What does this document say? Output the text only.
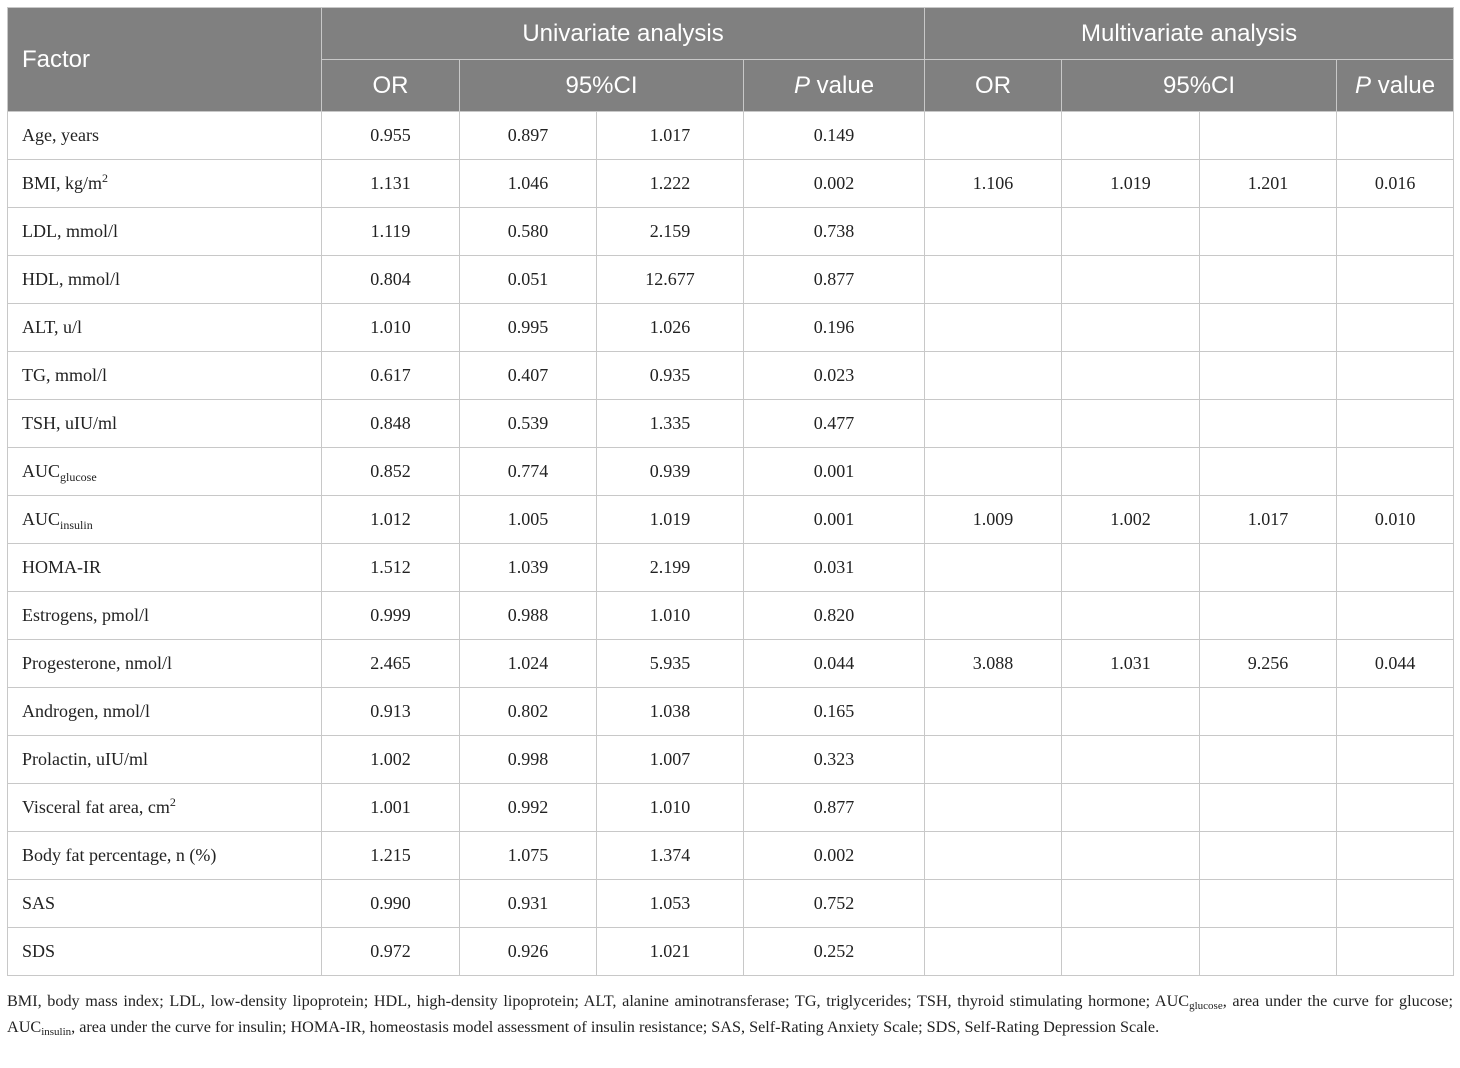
Factor	Univariate analysis				Multivariate analysis			
	OR	95%CI		P value	OR	95%CI		P value
Age, years	0.955	0.897	1.017	0.149				
BMI, $kg/m^2$	1.131	1.046	1.222	0.002	1.106	1.019	1.201	0.016
LDL, mmol/l	1.119	0.580	2.159	0.738				
HDL, mmol/l	0.804	0.051	12.677	0.877				
ALT, u/l	1.010	0.995	1.026	0.196				
TG, mmol/l	0.617	0.407	0.935	0.023				
TSH, uIU/ml	0.848	0.539	1.335	0.477				
$AUC_{glucose}$	0.852	0.774	0.939	0.001				
$AUC_{insulin}$	1.012	1.005	1.019	0.001	1.009	1.002	1.017	0.010
HOMA-IR	1.512	1.039	2.199	0.031				
Estrogens, pmol/l	0.999	0.988	1.010	0.820				
Progesterone, nmol/l	2.465	1.024	5.935	0.044	3.088	1.031	9.256	0.044
Androgen, nmol/l	0.913	0.802	1.038	0.165				
Prolactin, uIU/ml	1.002	0.998	1.007	0.323				
Visceral fat area, $cm^2$	1.001	0.992	1.010	0.877				
Body fat percentage, n (%)	1.215	1.075	1.374	0.002				
SAS	0.990	0.931	1.053	0.752				
SDS	0.972	0.926	1.021	0.252				
BMI, body mass index; LDL, low-density lipoprotein; HDL, high-density lipoprotein; ALT, alanine aminotransferase; TG, triglycerides; TSH, thyroid stimulating hormone; $AUC_{glucose}$, area under the curve for glucose; $AUC_{insulin}$, area under the curve for insulin; HOMA-IR, homeostasis model assessment of insulin resistance; SAS, Self-Rating Anxiety Scale; SDS, Self-Rating Depression Scale.
